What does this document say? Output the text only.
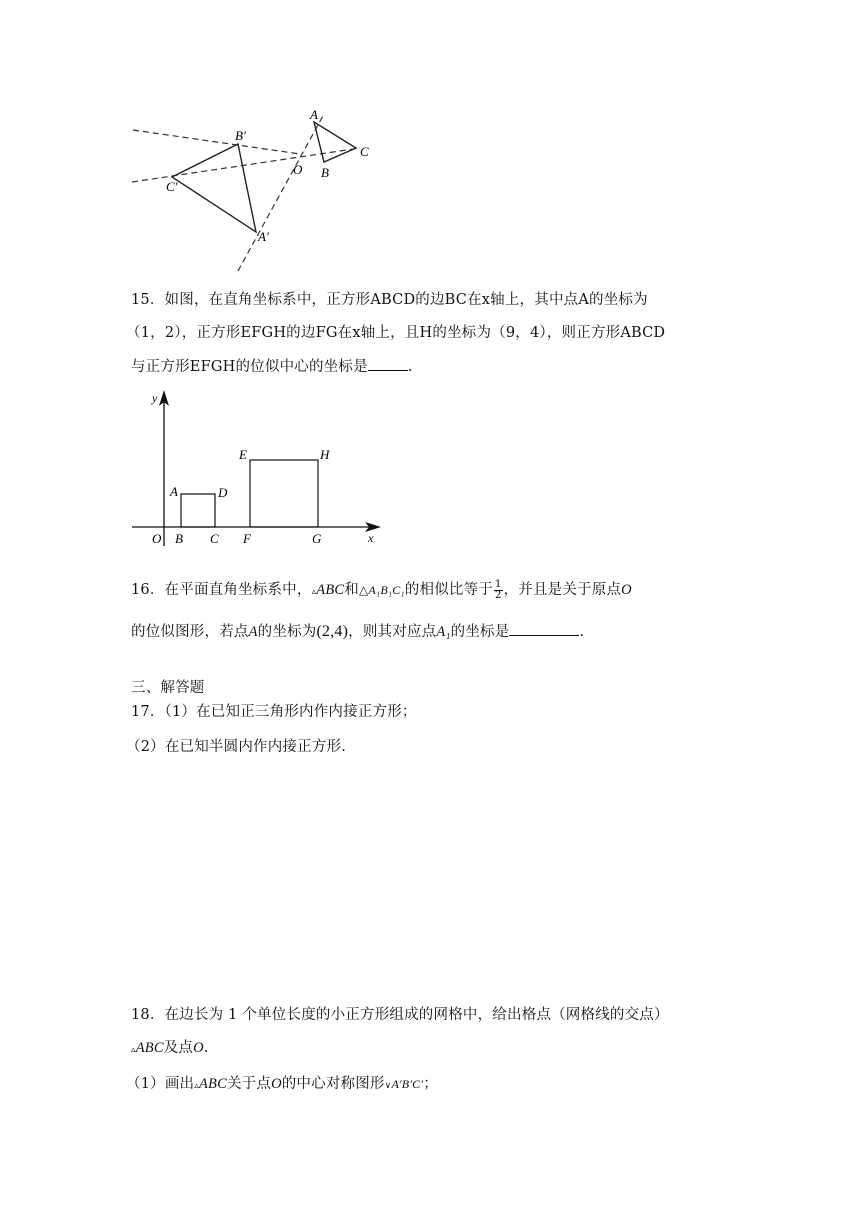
A
B
C
O
A′
B′
C′
15．如图，在直角坐标系中，正方形ABCD的边BC在x轴上，其中点A的坐标为
（1，2），正方形EFGH的边FG在x轴上，且H的坐标为（9，4），则正方形ABCD
与正方形EFGH的位似中心的坐标是	.
y
x
O
A
B C
D
E
F	G
H
16．在平面直角坐标系中，▵ABC和△A₁B₁C₁的相似比等于 $\frac{1}{2}$ ，并且是关于原点O
的位似图形，若点A的坐标为(2,4)，则其对应点A₁的坐标是	.
三、解答题
17．（1）在已知正三角形内作内接正方形；
（2）在已知半圆内作内接正方形.
18．在边长为 1 个单位长度的小正方形组成的网格中，给出格点（网格线的交点）
▵ABC及点O.
（1）画出▵ABC关于点O的中心对称图形∨A′B′C′；
